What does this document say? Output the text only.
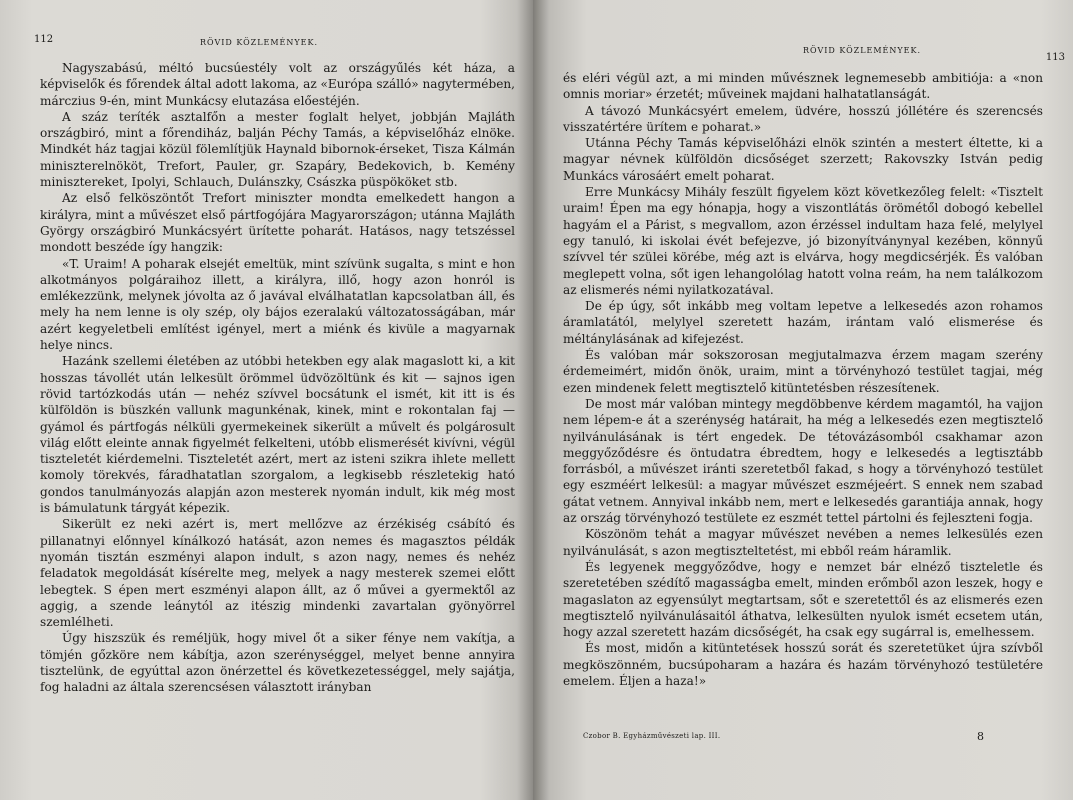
112	RÖVID KÖZLEMÉNYEK.

Nagyszabású, méltó bucsúestély volt az országyűlés két háza, a képviselők és főrendek által adott lakoma, az «Európa szálló» nagytermében, márczius 9-én, mint Munkácsy elutazása előestéjén.

A száz teríték asztalfőn a mester foglalt helyet, jobbján Majláth országbiró, mint a főrendiház, balján Péchy Tamás, a képviselőház elnöke. Mindkét ház tagjai közül fölemlítjük Haynald bibornok-érseket, Tisza Kálmán miniszterelnököt, Trefort, Pauler, gr. Szapáry, Bedekovich, b. Kemény minisztereket, Ipolyi, Schlauch, Dulánszky, Császka püspököket stb.

Az első felköszöntőt Trefort miniszter mondta emelkedett hangon a királyra, mint a művészet első pártfogójára Magyarországon; utánna Majláth György országbiró Munkácsyért ürítette poharát. Hatásos, nagy tetszéssel mondott beszéde így hangzik:

«T. Uraim! A poharak elsejét emeltük, mint szívünk sugalta, s mint e hon alkotmányos polgáraihoz illett, a királyra, illő, hogy azon honról is emlékezzünk, melynek jóvolta az ő javával elválhatatlan kapcsolatban áll, és mely ha nem lenne is oly szép, oly bájos ezeralakú változatosságában, már azért kegyeletbeli említést igényel, mert a miénk és kivüle a magyarnak helye nincs.

Hazánk szellemi életében az utóbbi hetekben egy alak magaslott ki, a kit hosszas távollét után lelkesült örömmel üdvözöltünk és kit — sajnos igen rövid tartózkodás után — nehéz szívvel bocsátunk el ismét, kit itt is és külföldön is büszkén vallunk magunkénak, kinek, mint e rokontalan faj — gyámol és pártfogás nélküli gyermekeinek sikerült a művelt és polgárosult világ előtt eleinte annak figyelmét felkelteni, utóbb elismerését kivívni, végül tiszteletét kiérdemelni. Tiszteletét azért, mert az isteni szikra ihlete mellett komoly törekvés, fáradhatatlan szorgalom, a legkisebb részletekig ható gondos tanulmányozás alapján azon mesterek nyomán indult, kik még most is bámulatunk tárgyát képezik.

Sikerült ez neki azért is, mert mellőzve az érzékiség csábító és pillanatnyi előnnyel kínálkozó hatását, azon nemes és magasztos példák nyomán tisztán eszményi alapon indult, s azon nagy, nemes és nehéz feladatok megoldását kísérelte meg, melyek a nagy mesterek szemei előtt lebegtek. S épen mert eszményi alapon állt, az ő művei a gyermektől az aggig, a szende leánytól az itészig mindenki zavartalan gyönyörrel szemlélheti.

Úgy hiszszük és reméljük, hogy mivel őt a siker fénye nem vakítja, a tömjén gőzköre nem kábítja, azon szerénységgel, melyet benne annyira tisztelünk, de egyúttal azon önérzettel és következetességgel, mely sajátja, fog haladni az általa szerencsésen választott irányban

RÖVID KÖZLEMÉNYEK.
113

és eléri végül azt, a mi minden művésznek legnemesebb ambitiója: a «non omnis moriar» érzetét; műveinek majdani halhatatlanságát.

A távozó Munkácsyért emelem, üdvére, hosszú jóllétére és szerencsés visszatértére ürítem e poharat.»

Utánna Péchy Tamás képviselőházi elnök szintén a mestert éltette, ki a magyar névnek külföldön dicsőséget szerzett; Rakovszky István pedig Munkács városáért emelt poharat.

Erre Munkácsy Mihály feszült figyelem közt következőleg felelt: «Tisztelt uraim! Épen ma egy hónapja, hogy a viszontlátás örömétől dobogó kebellel hagyám el a Párist, s megvallom, azon érzéssel indultam haza felé, melylyel egy tanuló, ki iskolai évét befejezve, jó bizonyítványnyal kezében, könnyű szívvel tér szülei körébe, még azt is elvárva, hogy megdicsérjék. És valóban meglepett volna, sőt igen lehangolólag hatott volna reám, ha nem találkozom az elismerés némi nyilatkozatával.

De ép úgy, sőt inkább meg voltam lepetve a lelkesedés azon rohamos áramlatától, melylyel szeretett hazám, irántam való elismerése és méltánylásának ad kifejezést.

És valóban már sokszorosan megjutalmazva érzem magam szerény érdemeimért, midőn önök, uraim, mint a törvényhozó testület tagjai, még ezen mindenek felett megtisztelő kitüntetésben részesítenek.

De most már valóban mintegy megdöbbenve kérdem magamtól, ha vajjon nem lépem-e át a szerénység határait, ha még a lelkesedés ezen megtisztelő nyilvánulásának is tért engedek. De tétovázásomból csakhamar azon meggyőződésre és öntudatra ébredtem, hogy e lelkesedés a legtisztább forrásból, a művészet iránti szeretetből fakad, s hogy a törvényhozó testület egy eszméért lelkesül: a magyar művészet eszméjeért. S ennek nem szabad gátat vetnem. Annyival inkább nem, mert e lelkesedés garantiája annak, hogy az ország törvényhozó testülete ez eszmét tettel pártolni és fejleszteni fogja.

Köszönöm tehát a magyar művészet nevében a nemes lelkesülés ezen nyilvánulását, s azon megtiszteltetést, mi ebből reám háramlik.

És legyenek meggyőződve, hogy e nemzet bár elnéző tiszteletle és szeretetében szédítő magasságba emelt, minden erőmből azon leszek, hogy e magaslaton az egyensúlyt megtartsam, sőt e szeretettől és az elismerés ezen megtisztelő nyilvánulásaitól áthatva, lelkesülten nyulok ismét ecsetem után, hogy azzal szeretett hazám dicsőségét, ha csak egy sugárral is, emelhessem.

És most, midőn a kitüntetések hosszú sorát és szeretetüket újra szívből megköszönném, bucsúpoharam a hazára és hazám törvényhozó testületére emelem. Éljen a haza!»

Czobor B. Egyházművészeti lap. III.	8
